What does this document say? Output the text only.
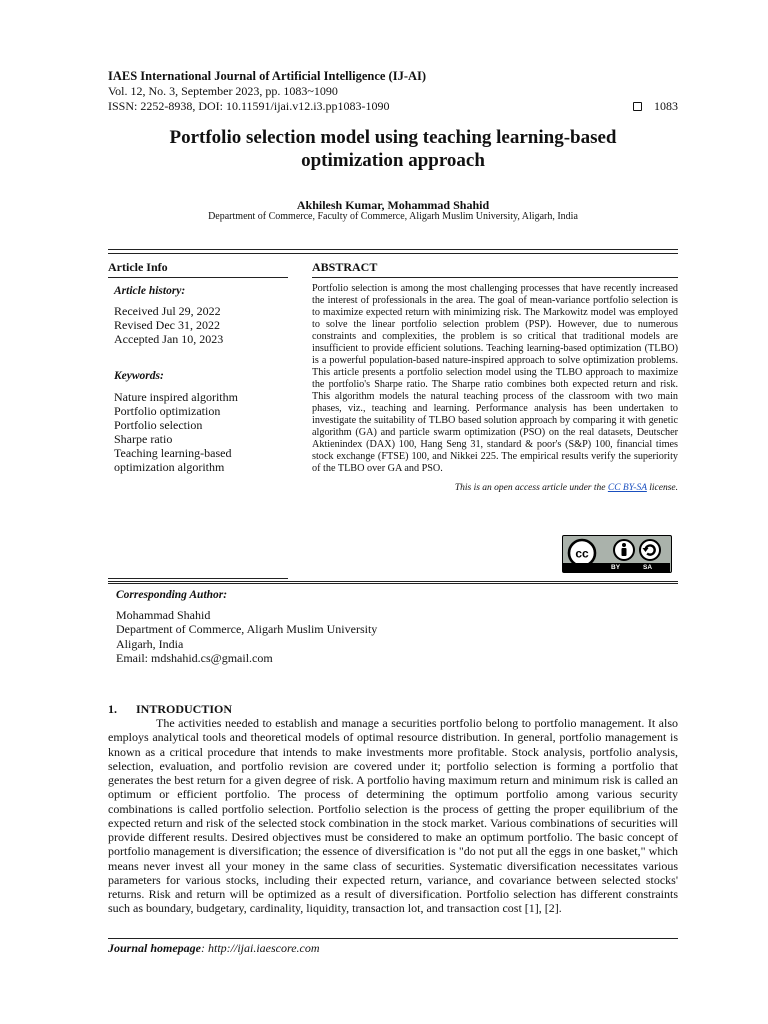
IAES International Journal of Artificial Intelligence (IJ-AI)
Vol. 12, No. 3, September 2023, pp. 1083~1090
ISSN: 2252-8938, DOI: 10.11591/ijai.v12.i3.pp1083-1090	1083
Portfolio selection model using teaching learning-based
optimization approach
Akhilesh Kumar, Mohammad Shahid
Department of Commerce, Faculty of Commerce, Aligarh Muslim University, Aligarh, India
Article Info
Article history:
Received Jul 29, 2022
Revised Dec 31, 2022
Accepted Jan 10, 2023
Keywords:
Nature inspired algorithm
Portfolio optimization
Portfolio selection
Sharpe ratio
Teaching learning-based
optimization algorithm
ABSTRACT

Portfolio selection is among the most challenging processes that have recently increased the interest of professionals in the area. The goal of mean-variance portfolio selection is to maximize expected return with minimizing risk. The Markowitz model was employed to solve the linear portfolio selection problem (PSP). However, due to numerous constraints and complexities, the problem is so critical that traditional models are insufficient to provide efficient solutions. Teaching learning-based optimization (TLBO) is a powerful population-based nature-inspired approach to solve optimization problems. This article presents a portfolio selection model using the TLBO approach to maximize the portfolio's Sharpe ratio. The Sharpe ratio combines both expected return and risk. This algorithm models the natural teaching process of the classroom with two main phases, viz., teaching and learning. Performance analysis has been undertaken to investigate the suitability of TLBO based solution approach by comparing it with genetic algorithm (GA) and particle swarm optimization (PSO) on the real datasets, Deutscher Aktienindex (DAX) 100, Hang Seng 31, standard & poor's (S&P) 100, financial times stock exchange (FTSE) 100, and Nikkei 225. The empirical results verify the superiority of the TLBO over GA and PSO.

This is an open access article under the CC BY-SA license.
cc
BY	SA
Corresponding Author:
Mohammad Shahid
Department of Commerce, Aligarh Muslim University
Aligarh, India
Email: mdshahid.cs@gmail.com
1. INTRODUCTION

The activities needed to establish and manage a securities portfolio belong to portfolio management. It also employs analytical tools and theoretical models of optimal resource distribution. In general, portfolio management is known as a critical procedure that intends to make investments more profitable. Stock analysis, portfolio analysis, selection, evaluation, and portfolio revision are covered under it; portfolio selection is forming a portfolio that generates the best return for a given degree of risk. A portfolio having maximum return and minimum risk is called an optimum or efficient portfolio. The process of determining the optimum portfolio among various security combinations is called portfolio selection. Portfolio selection is the process of getting the proper equilibrium of the expected return and risk of the selected stock combination in the stock market. Various combinations of securities will provide different results. Desired objectives must be considered to make an optimum portfolio. The basic concept of portfolio management is diversification; the essence of diversification is "do not put all the eggs in one basket," which means never invest all your money in the same class of securities. Systematic diversification necessitates various parameters for various stocks, including their expected return, variance, and covariance between selected stocks' returns. Risk and return will be optimized as a result of diversification. Portfolio selection has different constraints such as boundary, budgetary, cardinality, liquidity, transaction lot, and transaction cost [1], [2].

Journal homepage: http://ijai.iaescore.com
